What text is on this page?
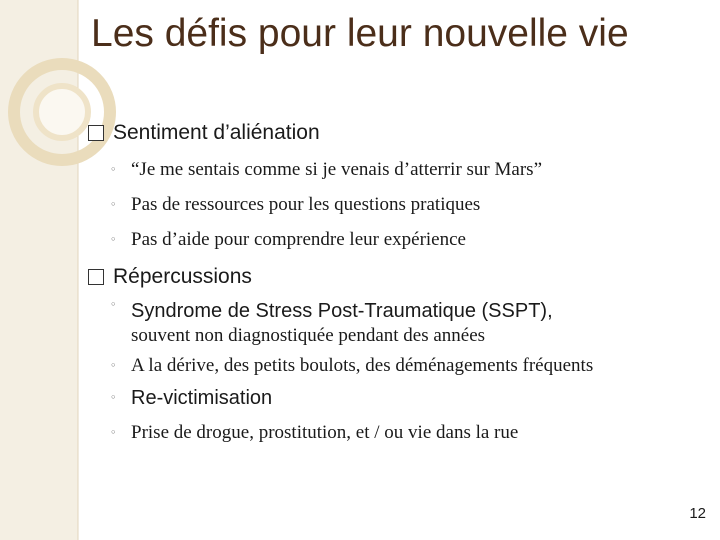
Les défis pour leur nouvelle vie
Sentiment d’aliénation
◦ “Je me sentais comme si je venais d’atterrir sur Mars”
◦ Pas de ressources pour les questions pratiques
◦ Pas d’aide pour comprendre leur expérience
Répercussions
◦ Syndrome de Stress Post-Traumatique (SSPT),
souvent non diagnostiquée pendant des années
◦ A la dérive, des petits boulots, des déménagements fréquents
◦ Re-victimisation
◦ Prise de drogue, prostitution, et / ou vie dans la rue
12
